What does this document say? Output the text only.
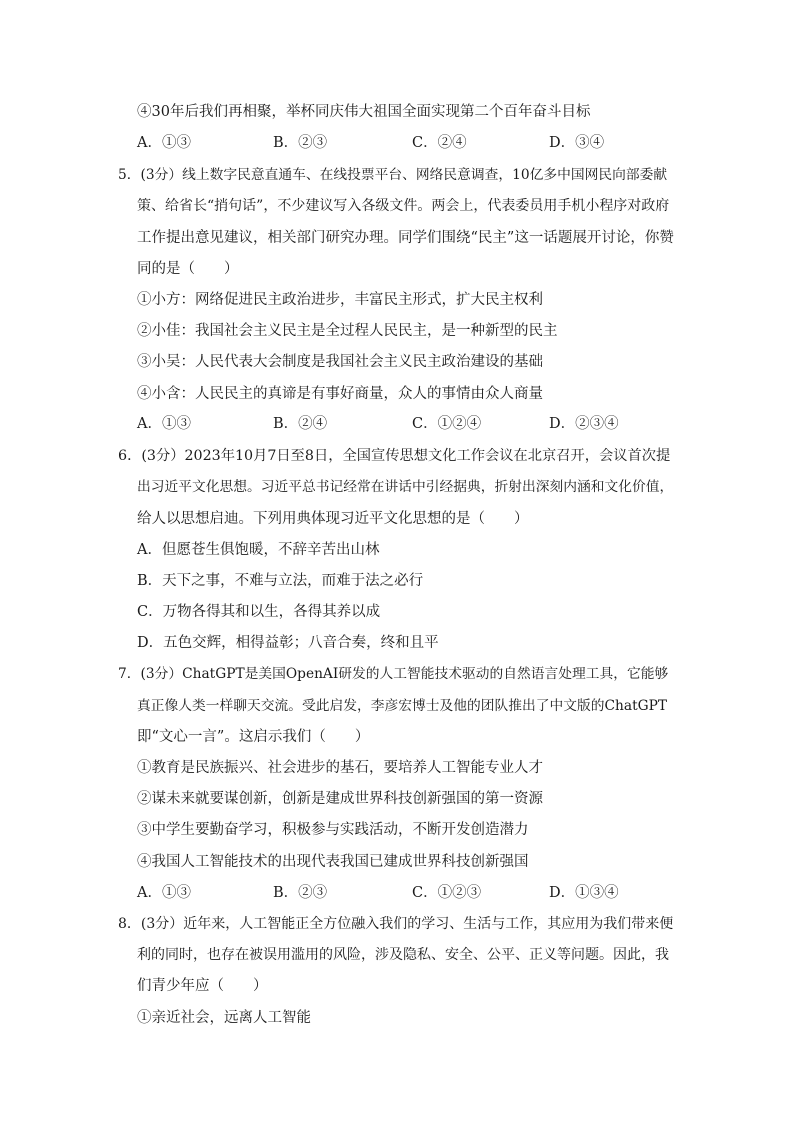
④30年后我们再相聚，举杯同庆伟大祖国全面实现第二个百年奋斗目标
A．①③	B．②③	C．②④	D．③④
5．(3分）线上数字民意直通车、在线投票平台、网络民意调查，10亿多中国网民向部委献
策、给省长“捎句话”，不少建议写入各级文件。两会上，代表委员用手机小程序对政府
工作提出意见建议，相关部门研究办理。同学们围绕“民主”这一话题展开讨论，你赞
同的是（　　）
①小方：网络促进民主政治进步，丰富民主形式，扩大民主权利
②小佳：我国社会主义民主是全过程人民民主，是一种新型的民主
③小吴：人民代表大会制度是我国社会主义民主政治建设的基础
④小含：人民民主的真谛是有事好商量，众人的事情由众人商量
A．①③	B．②④	C．①②④	D．②③④
6．(3分）2023年10月7日至8日，全国宣传思想文化工作会议在北京召开，会议首次提
出习近平文化思想。习近平总书记经常在讲话中引经据典，折射出深刻内涵和文化价值，
给人以思想启迪。下列用典体现习近平文化思想的是（　　）
A．但愿苍生俱饱暖，不辞辛苦出山林
B．天下之事，不难与立法，而难于法之必行
C．万物各得其和以生，各得其养以成
D．五色交辉，相得益彰；八音合奏，终和且平
7．(3分）ChatGPT是美国OpenAⅠ研发的人工智能技术驱动的自然语言处理工具，它能够
真正像人类一样聊天交流。受此启发，李彦宏博士及他的团队推出了中文版的ChatGPT
即“文心一言”。这启示我们（　　）
①教育是民族振兴、社会进步的基石，要培养人工智能专业人才
②谋未来就要谋创新，创新是建成世界科技创新强国的第一资源
③中学生要勤奋学习，积极参与实践活动，不断开发创造潜力
④我国人工智能技术的出现代表我国已建成世界科技创新强国
A．①③	B．②③	C．①②③	D．①③④
8．(3分）近年来，人工智能正全方位融入我们的学习、生活与工作，其应用为我们带来便
利的同时，也存在被误用滥用的风险，涉及隐私、安全、公平、正义等问题。因此，我
们青少年应（　　）
①亲近社会，远离人工智能
